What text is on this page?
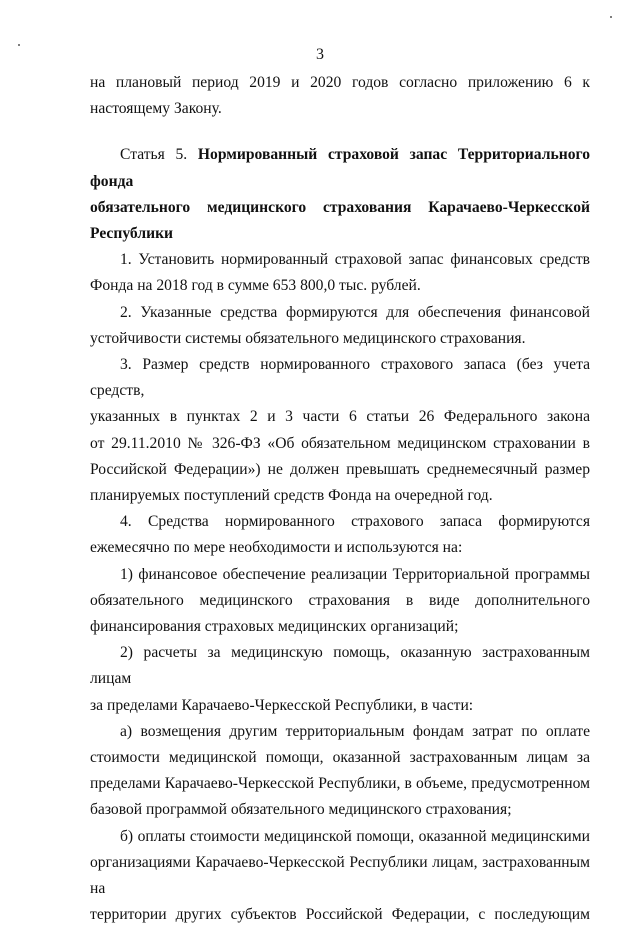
3

на плановый период 2019 и 2020 годов согласно приложению 6 к

настоящему Закону.

Статья 5. Нормированный страховой запас Территориального фонда

обязательного медицинского страхования Карачаево-Черкесской

Республики

1. Установить нормированный страховой запас финансовых средств

Фонда на 2018 год в сумме 653 800,0 тыс. рублей.

2. Указанные средства формируются для обеспечения финансовой

устойчивости системы обязательного медицинского страхования.

3. Размер средств нормированного страхового запаса (без учета средств,

указанных в пунктах 2 и 3 части 6 статьи 26 Федерального закона

от 29.11.2010 № 326-ФЗ «Об обязательном медицинском страховании в

Российской Федерации») не должен превышать среднемесячный размер

планируемых поступлений средств Фонда на очередной год.

4. Средства нормированного страхового запаса формируются

ежемесячно по мере необходимости и используются на:

1) финансовое обеспечение реализации Территориальной программы

обязательного медицинского страхования в виде дополнительного

финансирования страховых медицинских организаций;

2) расчеты за медицинскую помощь, оказанную застрахованным лицам

за пределами Карачаево-Черкесской Республики, в части:

а) возмещения другим территориальным фондам затрат по оплате

стоимости медицинской помощи, оказанной застрахованным лицам за

пределами Карачаево-Черкесской Республики, в объеме, предусмотренном

базовой программой обязательного медицинского страхования;

б) оплаты стоимости медицинской помощи, оказанной медицинскими

организациями Карачаево-Черкесской Республики лицам, застрахованным на

территории других субъектов Российской Федерации, с последующим
